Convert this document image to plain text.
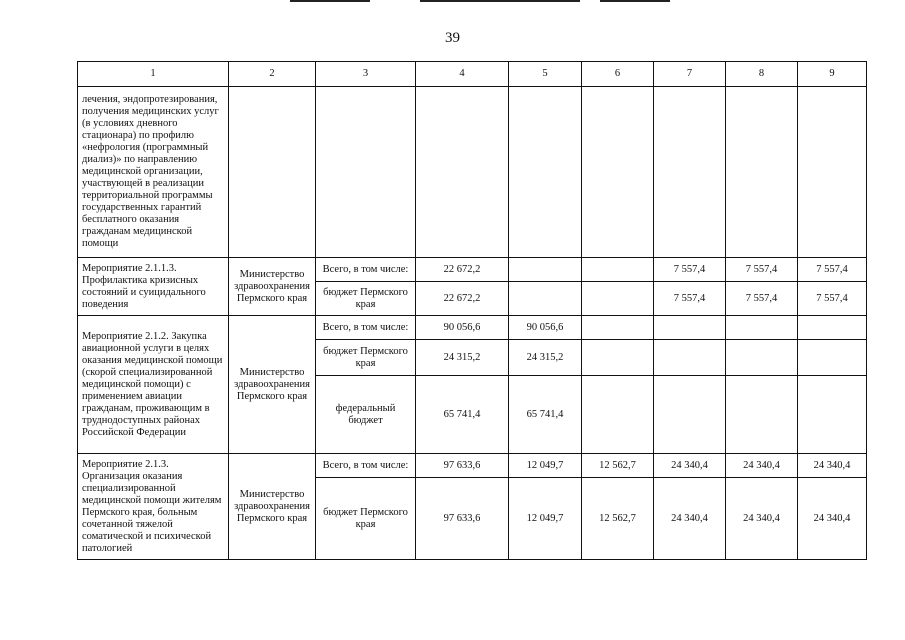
39
1	2	3	4	5	6	7	8	9
лечения, эндопротезирования, получения медицинских услуг (в условиях дневного стационара) по профилю «нефрология (программный диализ)» по направлению медицинской организации, участвующей в реализации территориальной программы государственных гарантий бесплатного оказания гражданам медицинской помощи								
Мероприятие 2.1.1.3. Профилактика кризисных состояний и суицидального поведения	Министерство здравоохранения Пермского края	Всего, в том числе:	22 672,2			7 557,4	7 557,4	7 557,4
		бюджет Пермского края	22 672,2			7 557,4	7 557,4	7 557,4
Мероприятие 2.1.2. Закупка авиационной услуги в целях оказания медицинской помощи (скорой специализированной медицинской помощи) с применением авиации гражданам, проживающим в труднодоступных районах Российской Федерации	Министерство здравоохранения Пермского края	Всего, в том числе:	90 056,6	90 056,6				
		бюджет Пермского края	24 315,2	24 315,2				
		федеральный бюджет	65 741,4	65 741,4				
Мероприятие 2.1.3. Организация оказания специализированной медицинской помощи жителям Пермского края, больным сочетанной тяжелой соматической и психической патологией	Министерство здравоохранения Пермского края	Всего, в том числе:	97 633,6	12 049,7	12 562,7	24 340,4	24 340,4	24 340,4
		бюджет Пермского края	97 633,6	12 049,7	12 562,7	24 340,4	24 340,4	24 340,4
